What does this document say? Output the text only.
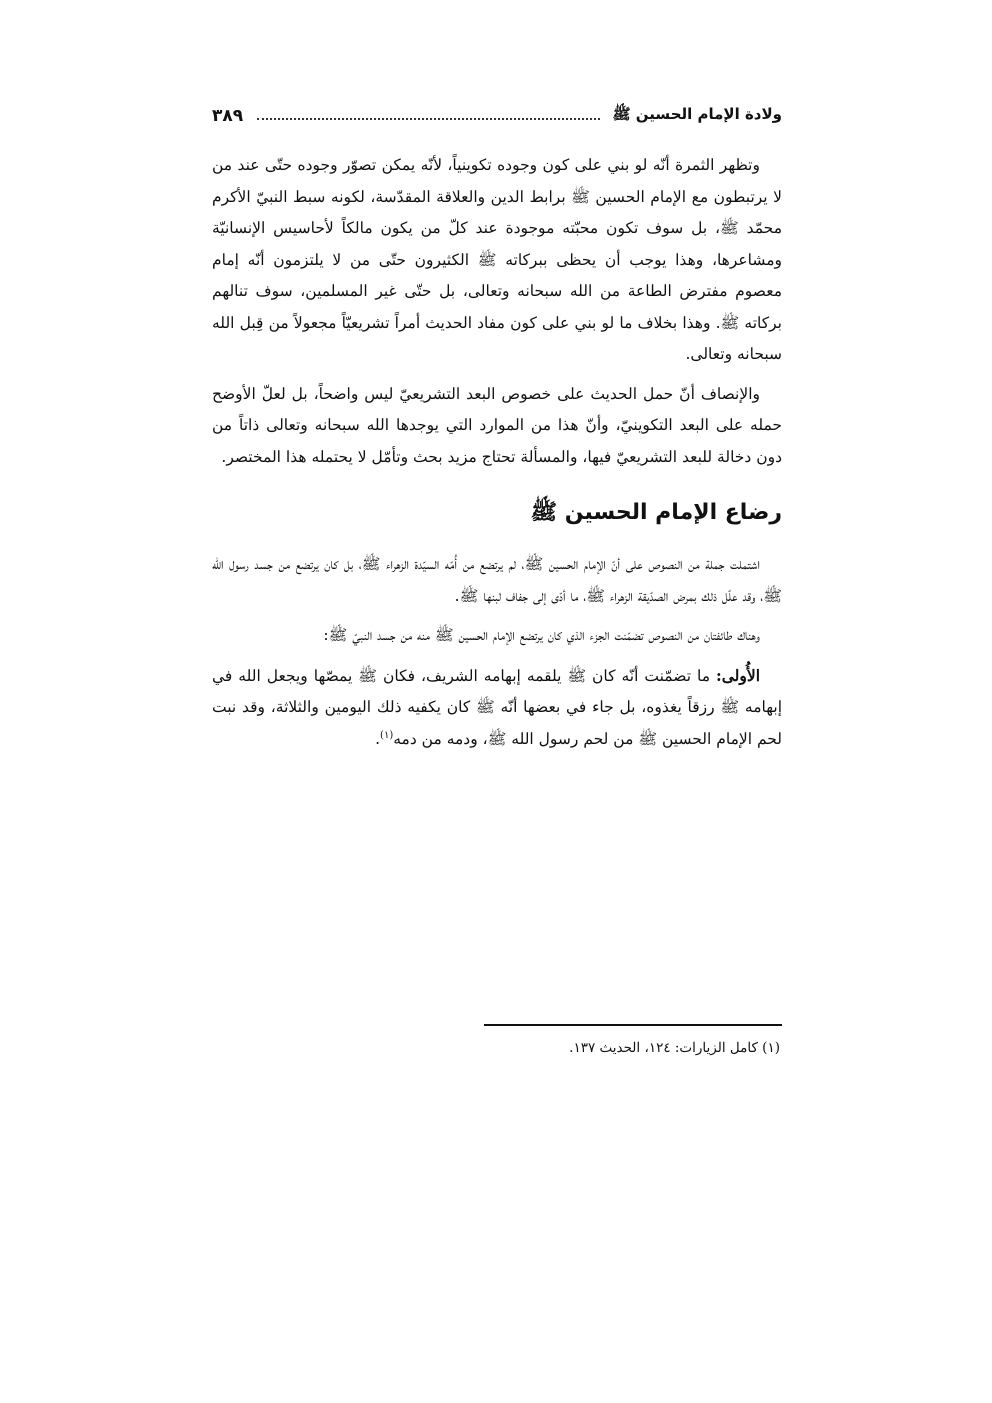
ولادة الإمام الحسين ﷺ
٣٨٩

وتظهر الثمرة أنّه لو بني على كون وجوده تكوينياً، لأنّه يمكن تصوّر وجوده حتّى عند من لا يرتبطون مع الإمام الحسين ﷺ برابط الدين والعلاقة المقدّسة، لكونه سبط النبيّ الأكرم محمّد ﷺ، بل سوف تكون محبّته موجودة عند كلّ من يكون مالكاً لأحاسيس الإنسانيّة ومشاعرها، وهذا يوجب أن يحظى ببركاته ﷺ الكثيرون حتّى من لا يلتزمون أنّه إمام معصوم مفترض الطاعة من الله سبحانه وتعالى، بل حتّى غير المسلمين، سوف تنالهم بركاته ﷺ. وهذا بخلاف ما لو بني على كون مفاد الحديث أمراً تشريعيّاً مجعولاً من قِبل الله سبحانه وتعالى.

والإنصاف أنّ حمل الحديث على خصوص البعد التشريعيّ ليس واضحاً، بل لعلّ الأوضح حمله على البعد التكوينيّ، وأنّ هذا من الموارد التي يوجدها الله سبحانه وتعالى ذاتاً من دون دخالة للبعد التشريعيّ فيها، والمسألة تحتاج مزيد بحث وتأمّل لا يحتمله هذا المختصر.

رضاع الإمام الحسين ﷺ

اشتملت جملة من النصوص على أنّ الإمام الحسين ﷺ، لم يرتضع من أُمّه السيّدة الزهراء ﷺ، بل كان يرتضع من جسد رسول الله ﷺ، وقد علّل ذلك بمرض الصدّيقة الزهراء ﷺ، ما أدّى إلى جفاف لبنها ﷺ.

وهناك طائفتان من النصوص تضمّنت الجزء الذي كان يرتضع الإمام الحسين ﷺ منه من جسد النبيّ ﷺ:

الأُولى: ما تضمّنت أنّه كان ﷺ يلقمه إبهامه الشريف، فكان ﷺ يمصّها ويجعل الله في إبهامه ﷺ رزقاً يغذوه، بل جاء في بعضها أنّه ﷺ كان يكفيه ذلك اليومين والثلاثة، وقد نبت لحم الإمام الحسين ﷺ من لحم رسول الله ﷺ، ودمه من دمه$^{(١)}$.

(١) كامل الزيارات: ١٢٤، الحديث ١٣٧.
